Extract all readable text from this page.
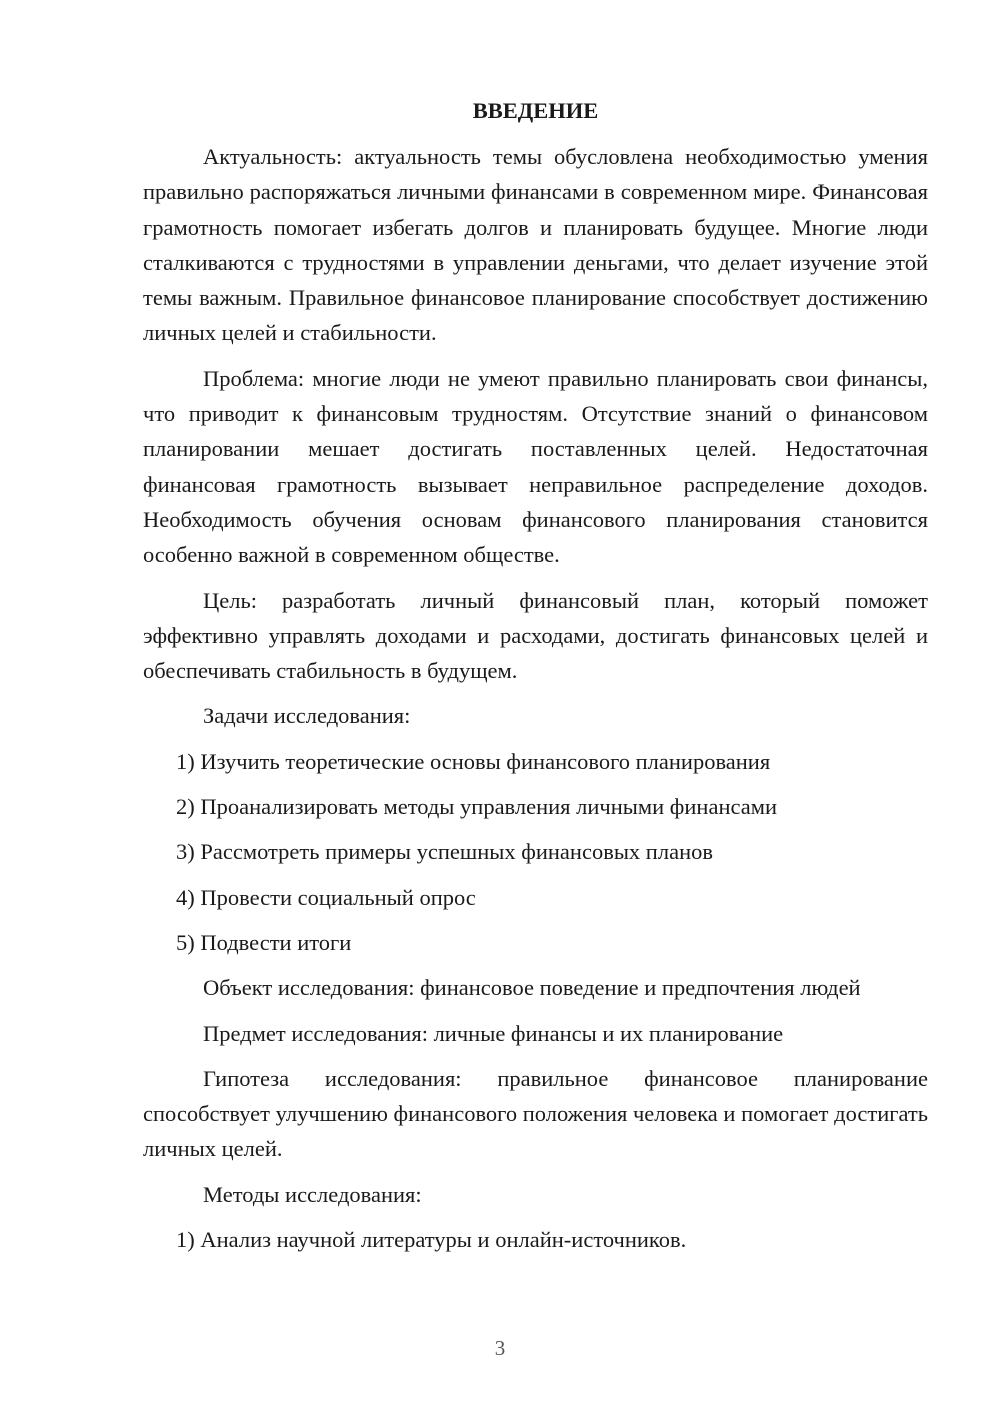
ВВЕДЕНИЕ

Актуальность: актуальность темы обусловлена необходимостью умения правильно распоряжаться личными финансами в современном мире. Финансовая грамотность помогает избегать долгов и планировать будущее. Многие люди сталкиваются с трудностями в управлении деньгами, что делает изучение этой темы важным. Правильное финансовое планирование способствует достижению личных целей и стабильности.

Проблема: многие люди не умеют правильно планировать свои финансы, что приводит к финансовым трудностям. Отсутствие знаний о финансовом планировании мешает достигать поставленных целей. Недостаточная финансовая грамотность вызывает неправильное распределение доходов. Необходимость обучения основам финансового планирования становится особенно важной в современном обществе.

Цель: разработать личный финансовый план, который поможет эффективно управлять доходами и расходами, достигать финансовых целей и обеспечивать стабильность в будущем.

Задачи исследования:
1) Изучить теоретические основы финансового планирования
2) Проанализировать методы управления личными финансами
3) Рассмотреть примеры успешных финансовых планов
4) Провести социальный опрос
5) Подвести итоги
Объект исследования: финансовое поведение и предпочтения людей
Предмет исследования: личные финансы и их планирование

Гипотеза исследования: правильное финансовое планирование способствует улучшению финансового положения человека и помогает достигать личных целей.

Методы исследования:
1) Анализ научной литературы и онлайн-источников.
3
